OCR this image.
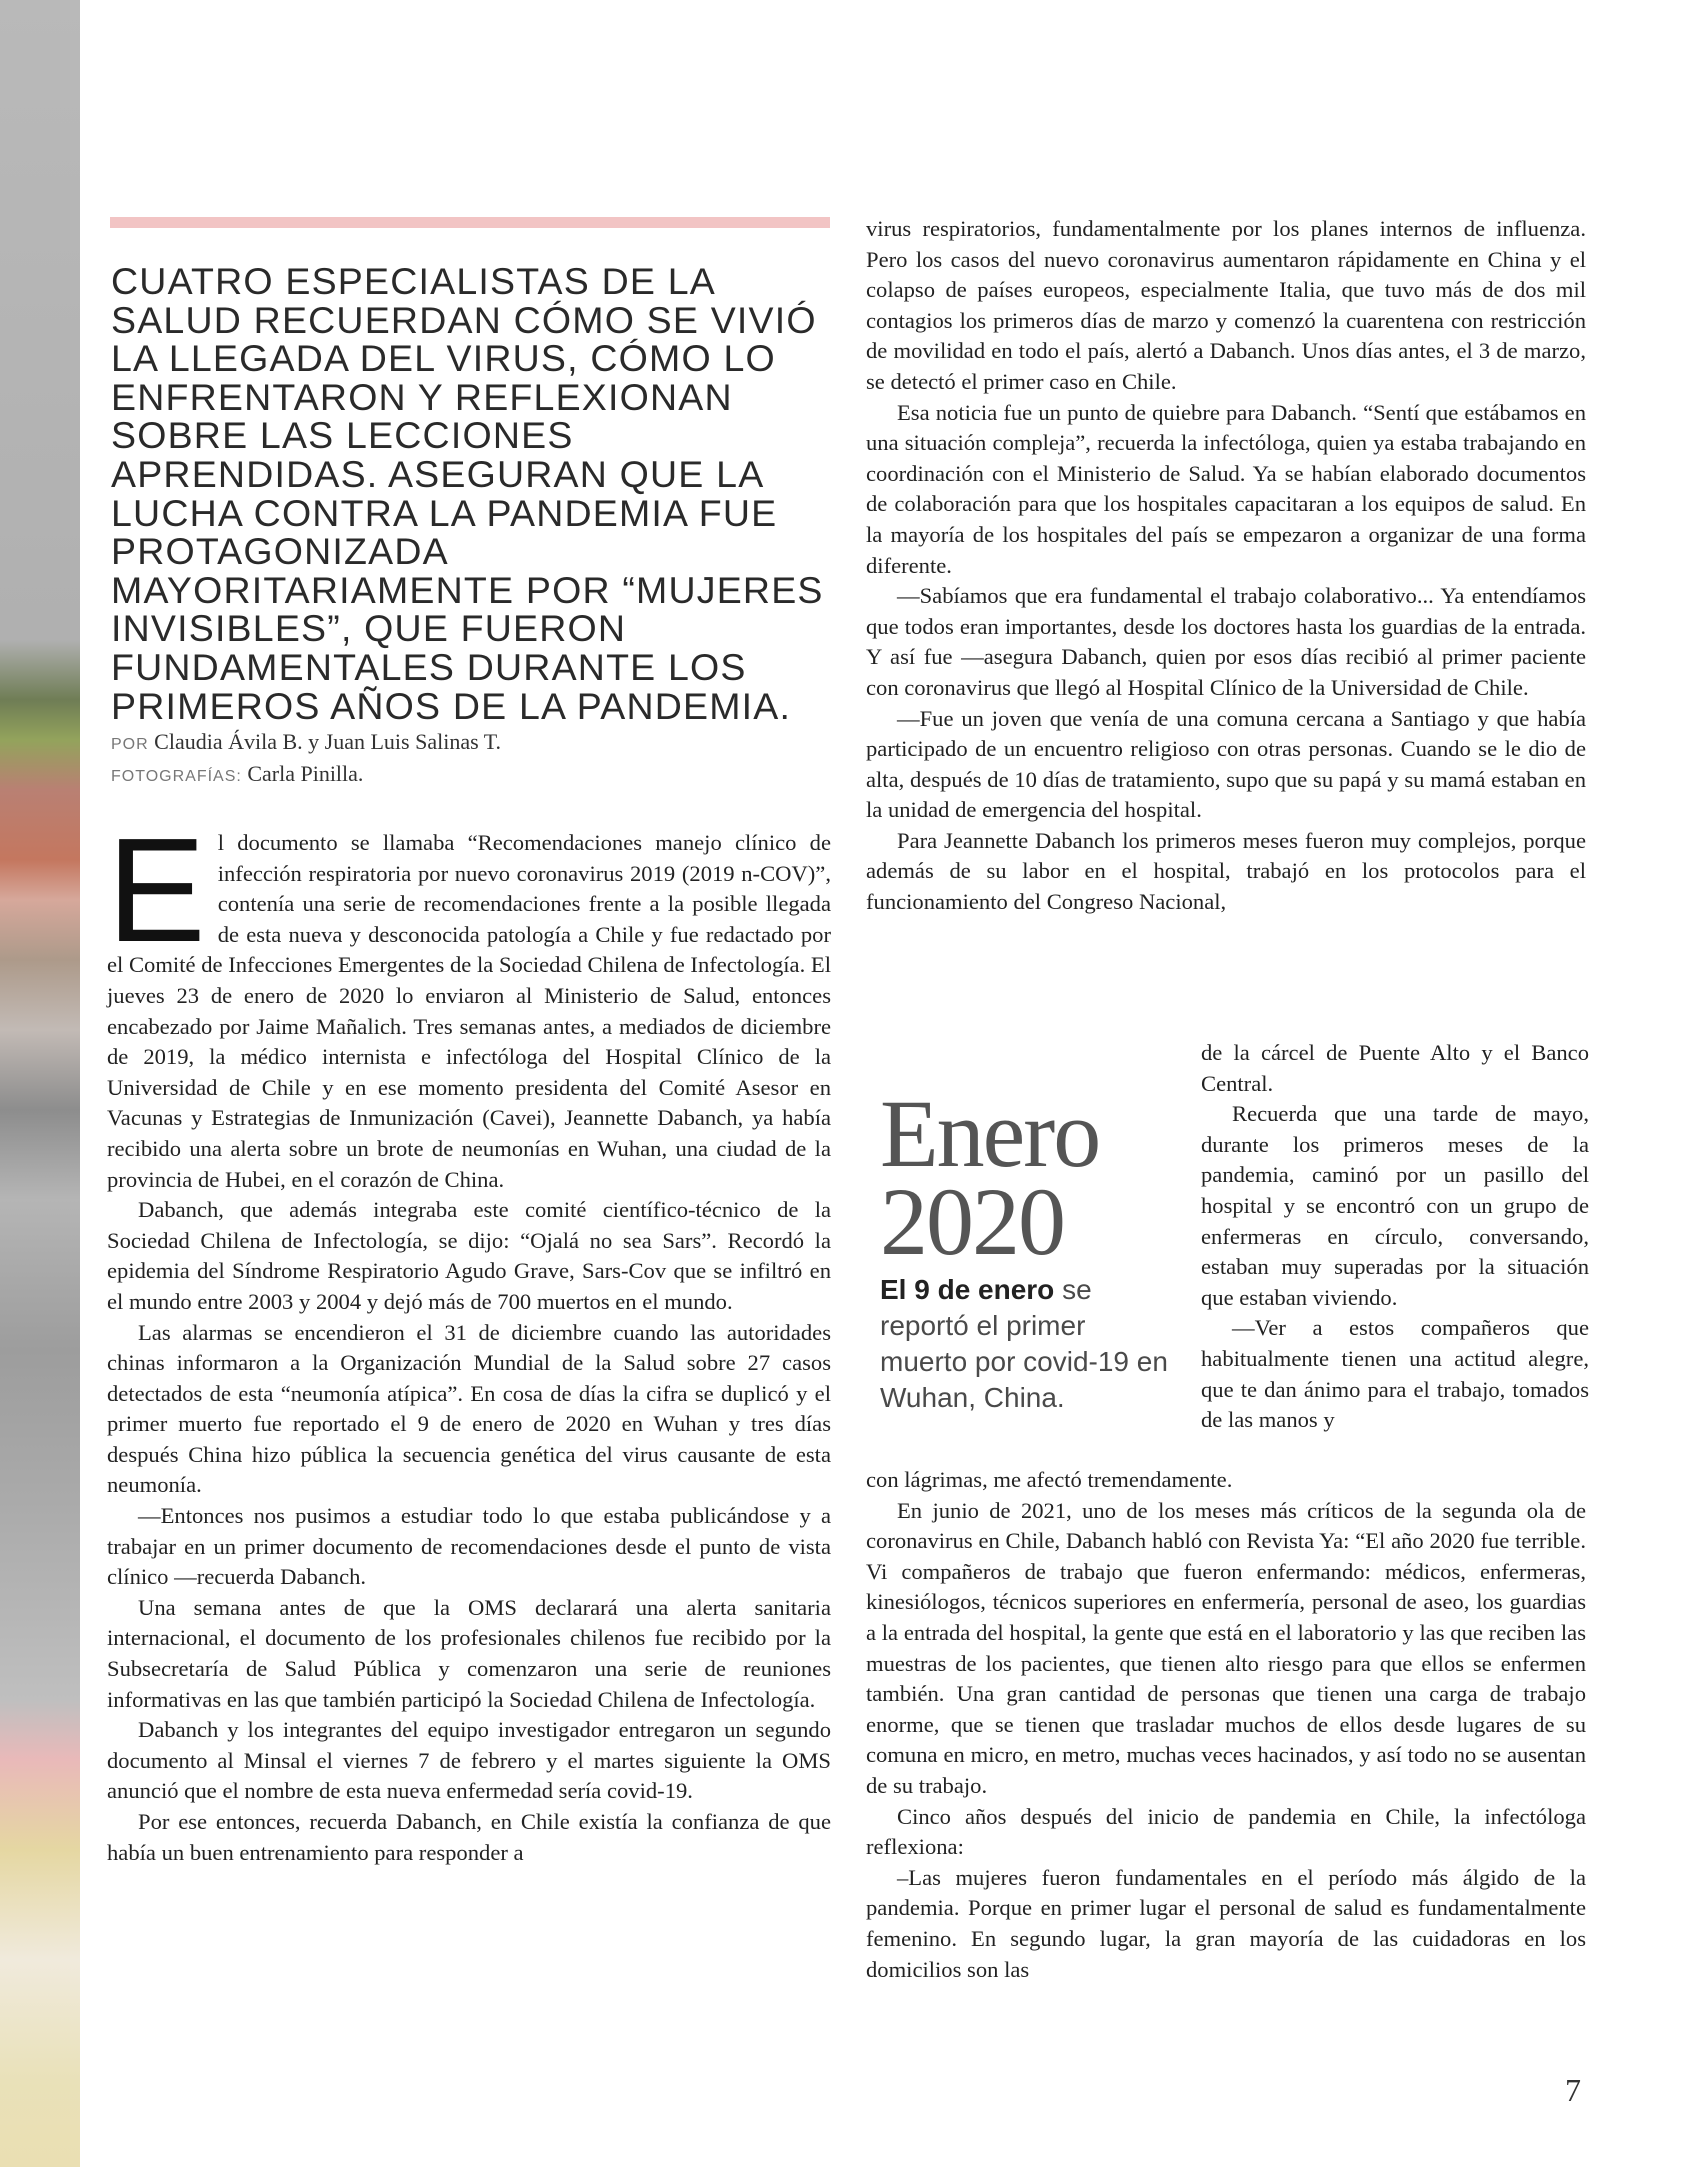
CUATRO ESPECIALISTAS DE LA SALUD RECUERDAN CÓMO SE VIVIÓ LA LLEGADA DEL VIRUS, CÓMO LO ENFRENTARON Y REFLEXIONAN SOBRE LAS LECCIONES APRENDIDAS. ASEGURAN QUE LA LUCHA CONTRA LA PANDEMIA FUE PROTAGONIZADA MAYORITARIAMENTE POR “MUJERES INVISIBLES”, QUE FUERON FUNDAMENTALES DURANTE LOS PRIMEROS AÑOS DE LA PANDEMIA.
POR Claudia Ávila B. y Juan Luis Salinas T.
FOTOGRAFÍAS: Carla Pinilla.

El documento se llamaba “Recomendaciones manejo clínico de infección respiratoria por nuevo coronavirus 2019 (2019 n-COV)”, contenía una serie de recomendaciones frente a la posible llegada de esta nueva y desconocida patología a Chile y fue redactado por el Comité de Infecciones Emergentes de la Sociedad Chilena de Infectología. El jueves 23 de enero de 2020 lo enviaron al Ministerio de Salud, entonces encabezado por Jaime Mañalich. Tres semanas antes, a mediados de diciembre de 2019, la médico internista e infectóloga del Hospital Clínico de la Universidad de Chile y en ese momento presidenta del Comité Asesor en Vacunas y Estrategias de Inmunización (Cavei), Jeannette Dabanch, ya había recibido una alerta sobre un brote de neumonías en Wuhan, una ciudad de la provincia de Hubei, en el corazón de China.

Dabanch, que además integraba este comité científico-técnico de la Sociedad Chilena de Infectología, se dijo: “Ojalá no sea Sars”. Recordó la epidemia del Síndrome Respiratorio Agudo Grave, Sars-Cov que se infiltró en el mundo entre 2003 y 2004 y dejó más de 700 muertos en el mundo.

Las alarmas se encendieron el 31 de diciembre cuando las autoridades chinas informaron a la Organización Mundial de la Salud sobre 27 casos detectados de esta “neumonía atípica”. En cosa de días la cifra se duplicó y el primer muerto fue reportado el 9 de enero de 2020 en Wuhan y tres días después China hizo pública la secuencia genética del virus causante de esta neumonía.

—Entonces nos pusimos a estudiar todo lo que estaba publicándose y a trabajar en un primer documento de recomendaciones desde el punto de vista clínico —recuerda Dabanch.

Una semana antes de que la OMS declarará una alerta sanitaria internacional, el documento de los profesionales chilenos fue recibido por la Subsecretaría de Salud Pública y comenzaron una serie de reuniones informativas en las que también participó la Sociedad Chilena de Infectología.

Dabanch y los integrantes del equipo investigador entregaron un segundo documento al Minsal el viernes 7 de febrero y el martes siguiente la OMS anunció que el nombre de esta nueva enfermedad sería covid-19.

Por ese entonces, recuerda Dabanch, en Chile existía la confianza de que había un buen entrenamiento para responder a

virus respiratorios, fundamentalmente por los planes internos de influenza. Pero los casos del nuevo coronavirus aumentaron rápidamente en China y el colapso de países europeos, especialmente Italia, que tuvo más de dos mil contagios los primeros días de marzo y comenzó la cuarentena con restricción de movilidad en todo el país, alertó a Dabanch. Unos días antes, el 3 de marzo, se detectó el primer caso en Chile.

Esa noticia fue un punto de quiebre para Dabanch. “Sentí que estábamos en una situación compleja”, recuerda la infectóloga, quien ya estaba trabajando en coordinación con el Ministerio de Salud. Ya se habían elaborado documentos de colaboración para que los hospitales capacitaran a los equipos de salud. En la mayoría de los hospitales del país se empezaron a organizar de una forma diferente.

—Sabíamos que era fundamental el trabajo colaborativo... Ya entendíamos que todos eran importantes, desde los doctores hasta los guardias de la entrada. Y así fue —asegura Dabanch, quien por esos días recibió al primer paciente con coronavirus que llegó al Hospital Clínico de la Universidad de Chile.

—Fue un joven que venía de una comuna cercana a Santiago y que había participado de un encuentro religioso con otras personas. Cuando se le dio de alta, después de 10 días de tratamiento, supo que su papá y su mamá estaban en la unidad de emergencia del hospital.

Para Jeannette Dabanch los primeros meses fueron muy complejos, porque además de su labor en el hospital, trabajó en los protocolos para el funcionamiento del Congreso Nacional,

Enero
2020
El 9 de enero se reportó el primer muerto por covid-19 en Wuhan, China.

de la cárcel de Puente Alto y el Banco Central.

Recuerda que una tarde de mayo, durante los primeros meses de la pandemia, caminó por un pasillo del hospital y se encontró con un grupo de enfermeras en círculo, conversando, estaban muy superadas por la situación que estaban viviendo.

—Ver a estos compañeros que habitualmente tienen una actitud alegre, que te dan ánimo para el trabajo, tomados de las manos y

con lágrimas, me afectó tremendamente.

En junio de 2021, uno de los meses más críticos de la segunda ola de coronavirus en Chile, Dabanch habló con Revista Ya: “El año 2020 fue terrible. Vi compañeros de trabajo que fueron enfermando: médicos, enfermeras, kinesiólogos, técnicos superiores en enfermería, personal de aseo, los guardias a la entrada del hospital, la gente que está en el laboratorio y las que reciben las muestras de los pacientes, que tienen alto riesgo para que ellos se enfermen también. Una gran cantidad de personas que tienen una carga de trabajo enorme, que se tienen que trasladar muchos de ellos desde lugares de su comuna en micro, en metro, muchas veces hacinados, y así todo no se ausentan de su trabajo.

Cinco años después del inicio de pandemia en Chile, la infectóloga reflexiona:

–Las mujeres fueron fundamentales en el período más álgido de la pandemia. Porque en primer lugar el personal de salud es fundamentalmente femenino. En segundo lugar, la gran mayoría de las cuidadoras en los domicilios son las

7
